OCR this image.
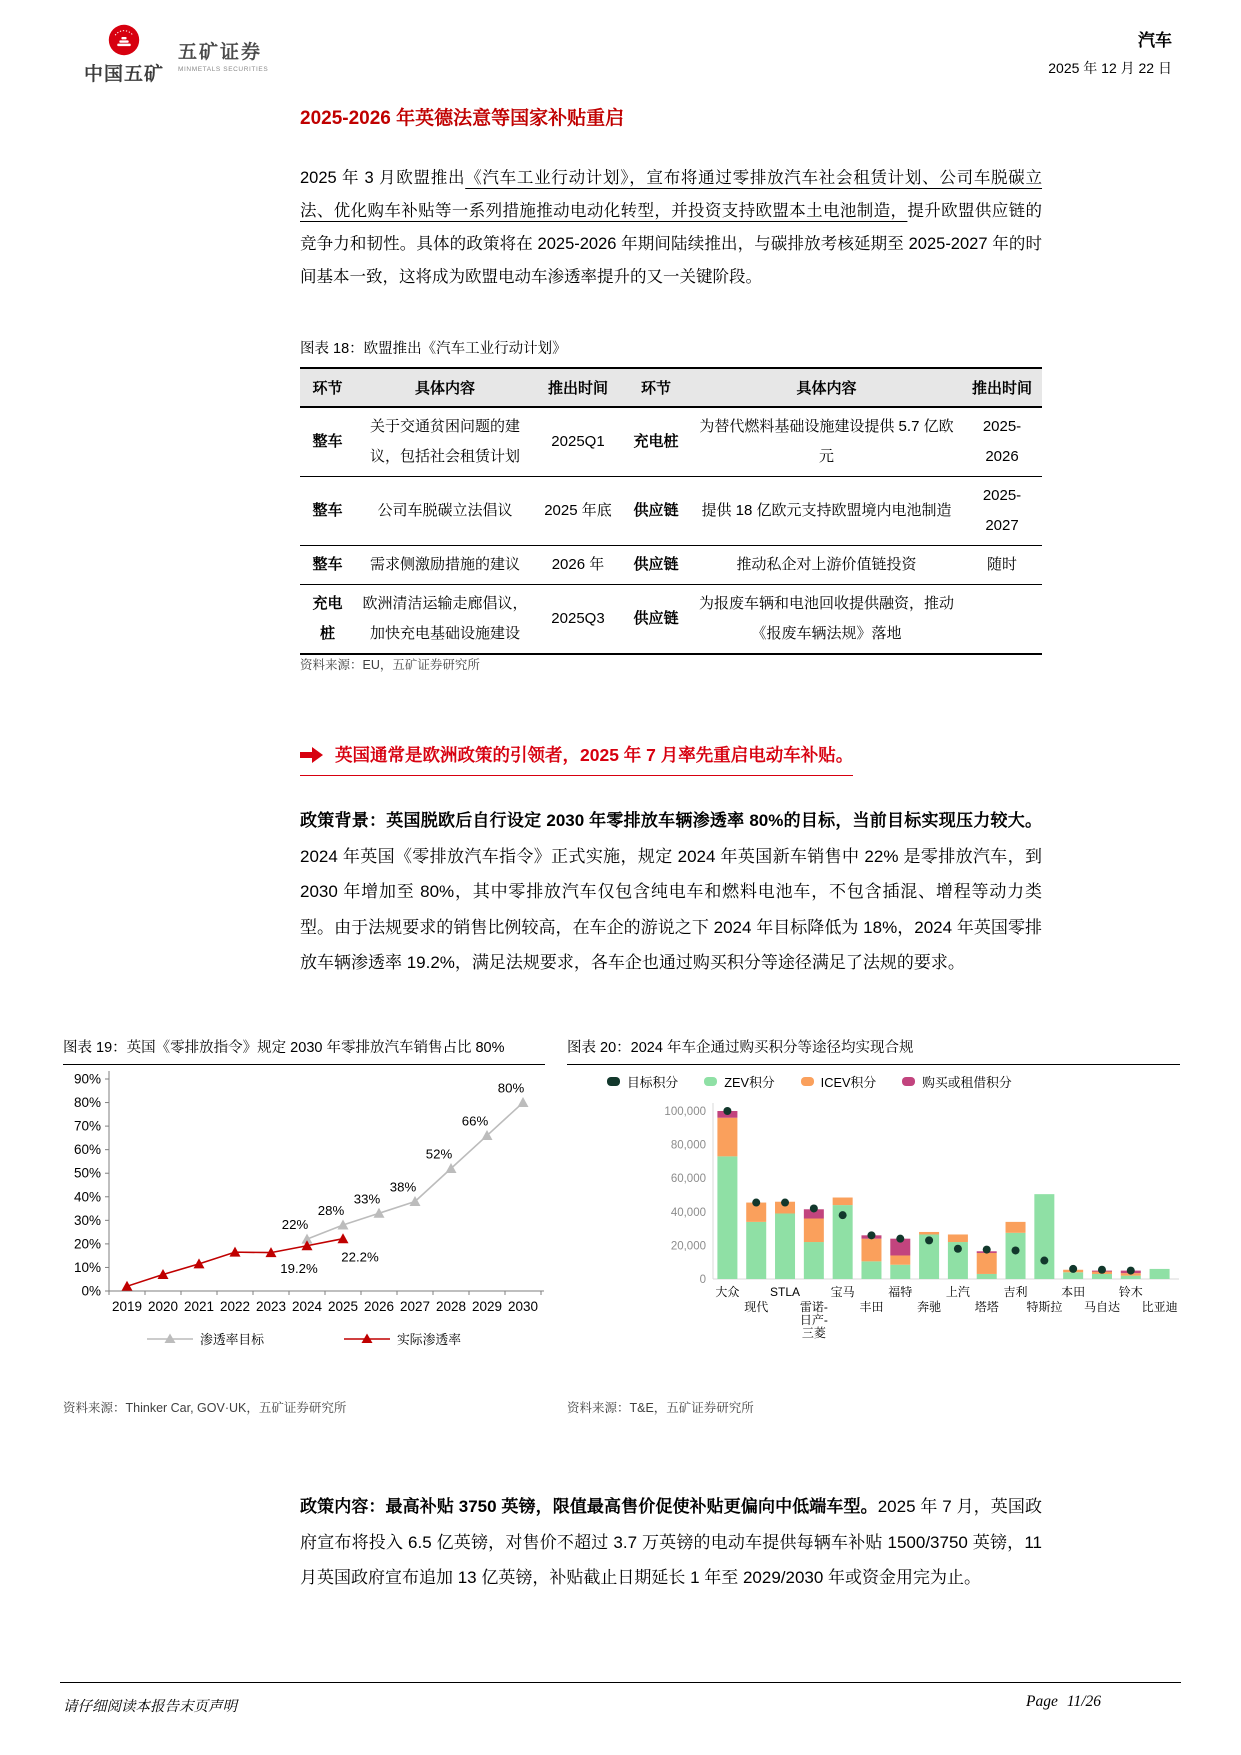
中国五矿
五矿证券
MINMETALS SECURITIES
汽车
2025 年 12 月 22 日
2025-2026 年英德法意等国家补贴重启

2025 年 3 月欧盟推出《汽车工业行动计划》，宣布将通过零排放汽车社会租赁计划、公司车脱碳立法、优化购车补贴等一系列措施推动电动化转型，并投资支持欧盟本土电池制造，提升欧盟供应链的竞争力和韧性。具体的政策将在 2025-2026 年期间陆续推出，与碳排放考核延期至 2025-2027 年的时间基本一致，这将成为欧盟电动车渗透率提升的又一关键阶段。

图表 18：欧盟推出《汽车工业行动计划》
环节	具体内容	推出时间	环节	具体内容	推出时间
整车	关于交通贫困问题的建议，包括社会租赁计划	2025Q1	充电桩	为替代燃料基础设施建设提供 5.7 亿欧元	2025-2026
整车	公司车脱碳立法倡议	2025 年底	供应链	提供 18 亿欧元支持欧盟境内电池制造	2025-2027
整车	需求侧激励措施的建议	2026 年	供应链	推动私企对上游价值链投资	随时
充电桩	欧洲清洁运输走廊倡议，加快充电基础设施建设	2025Q3	供应链	为报废车辆和电池回收提供融资，推动《报废车辆法规》落地	
资料来源：EU，五矿证券研究所
英国通常是欧洲政策的引领者，2025 年 7 月率先重启电动车补贴。

政策背景：英国脱欧后自行设定 2030 年零排放车辆渗透率 80%的目标，当前目标实现压力较大。2024 年英国《零排放汽车指令》正式实施，规定 2024 年英国新车销售中 22% 是零排放汽车，到 2030 年增加至 80%，其中零排放汽车仅包含纯电车和燃料电池车，不包含插混、增程等动力类型。由于法规要求的销售比例较高，在车企的游说之下 2024 年目标降低为 18%，2024 年英国零排放车辆渗透率 19.2%，满足法规要求，各车企也通过购买积分等途径满足了法规的要求。

图表 19：英国《零排放指令》规定 2030 年零排放汽车销售占比 80%
0%
10%
20%
30%
40%
50%
60%
70%
80%
90%
2019 2020 2021 2022 2023 2024 2025 2026 2027 2028 2029 2030
22%
28%
33%
38%
52%
66%
80%
19.2%
22.2%
渗透率目标	实际渗透率
资料来源：Thinker Car, GOV·UK，五矿证券研究所
图表 20：2024 年车企通过购买积分等途径均实现合规
目标积分	ZEV积分	ICEV积分	购买或租借积分
0
20,000
40,000
60,000
80,000
100,000
大众
现代
STLA
雷诺-日产-三菱
宝马
丰田
福特
奔驰
上汽
塔塔
吉利
特斯拉
本田
马自达
铃木
比亚迪
资料来源：T&E，五矿证券研究所

政策内容：最高补贴 3750 英镑，限值最高售价促使补贴更偏向中低端车型。2025 年 7 月，英国政府宣布将投入 6.5 亿英镑，对售价不超过 3.7 万英镑的电动车提供每辆车补贴 1500/3750 英镑，11 月英国政府宣布追加 13 亿英镑，补贴截止日期延长 1 年至 2029/2030 年或资金用完为止。

请仔细阅读本报告末页声明	Page 11/26
